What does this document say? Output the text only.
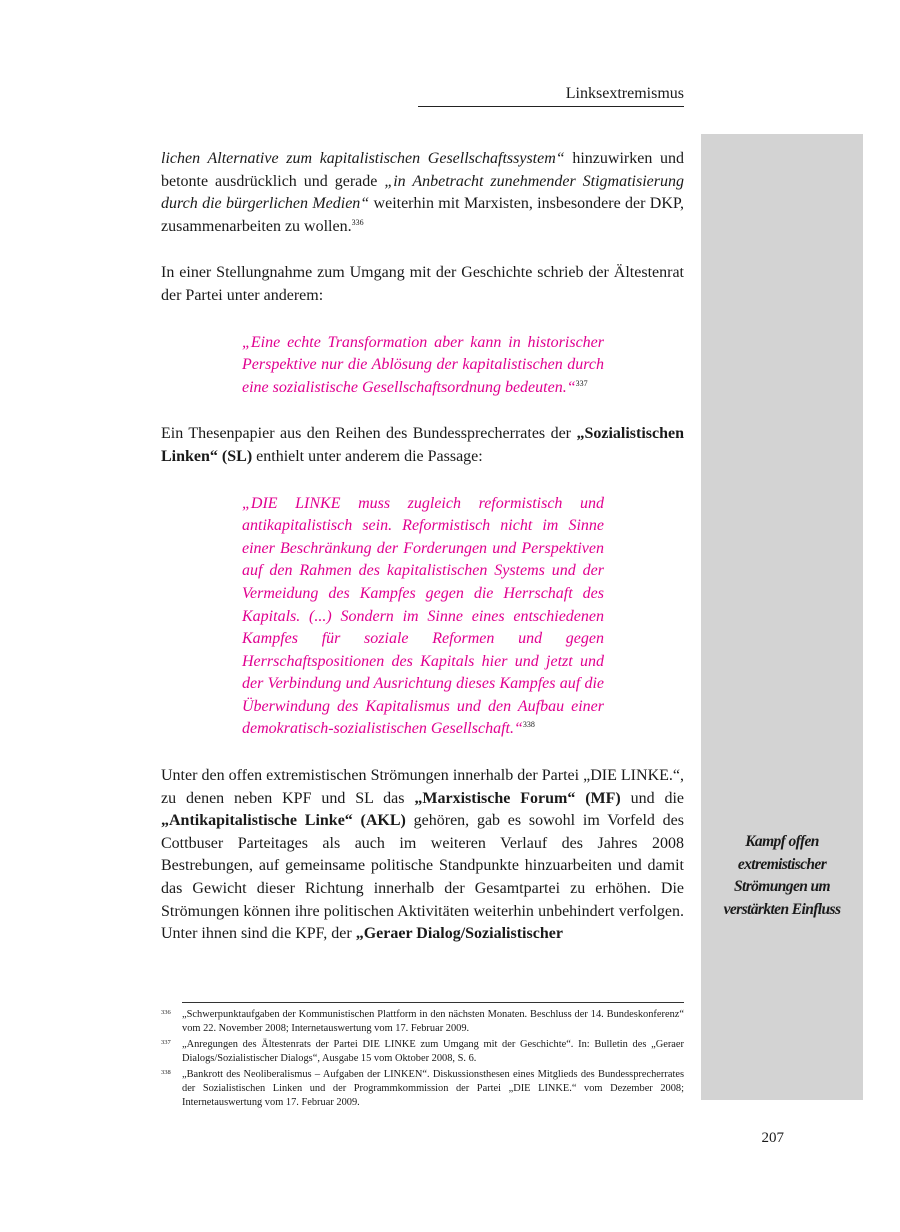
Linksextremismus
Kampf offen extremistischer Strömungen um verstärkten Einfluss

lichen Alternative zum kapitalistischen Gesellschaftssystem“ hinzuwirken und betonte ausdrücklich und gerade „in Anbetracht zunehmender Stigmatisierung durch die bürgerlichen Medien“ weiterhin mit Marxisten, insbesondere der DKP, zusammenarbeiten zu wollen.$^{336}$

In einer Stellungnahme zum Umgang mit der Geschichte schrieb der Ältestenrat der Partei unter anderem:

„Eine echte Transformation aber kann in historischer Perspektive nur die Ablösung der kapitalistischen durch eine sozialistische Gesellschaftsordnung bedeuten.“$^{337}$

Ein Thesenpapier aus den Reihen des Bundessprecherrates der „Sozialistischen Linken“ (SL) enthielt unter anderem die Passage:

„DIE LINKE muss zugleich reformistisch und antikapitalistisch sein. Reformistisch nicht im Sinne einer Beschränkung der Forderungen und Perspektiven auf den Rahmen des kapitalistischen Systems und der Vermeidung des Kampfes gegen die Herrschaft des Kapitals. (...) Sondern im Sinne eines entschiedenen Kampfes für soziale Reformen und gegen Herrschaftspositionen des Kapitals hier und jetzt und der Verbindung und Ausrichtung dieses Kampfes auf die Überwindung des Kapitalismus und den Aufbau einer demokratisch-sozialistischen Gesellschaft.“$^{338}$

Unter den offen extremistischen Strömungen innerhalb der Partei „DIE LINKE.“, zu denen neben KPF und SL das „Marxistische Forum“ (MF) und die „Antikapitalistische Linke“ (AKL) gehören, gab es sowohl im Vorfeld des Cottbuser Parteitages als auch im weiteren Verlauf des Jahres 2008 Bestrebungen, auf gemeinsame politische Standpunkte hinzuarbeiten und damit das Gewicht dieser Richtung innerhalb der Gesamtpartei zu erhöhen. Die Strömungen können ihre politischen Aktivitäten weiterhin unbehindert verfolgen. Unter ihnen sind die KPF, der „Geraer Dialog/Sozialistischer

336 „Schwerpunktaufgaben der Kommunistischen Plattform in den nächsten Monaten. Beschluss der 14. Bundeskonferenz“ vom 22. November 2008; Internetauswertung vom 17. Februar 2009.
337 „Anregungen des Ältestenrats der Partei DIE LINKE zum Umgang mit der Geschichte“. In: Bulletin des „Geraer Dialogs/Sozialistischer Dialogs“, Ausgabe 15 vom Oktober 2008, S. 6.
338 „Bankrott des Neoliberalismus – Aufgaben der LINKEN“. Diskussionsthesen eines Mitglieds des Bundessprecherrates der Sozialistischen Linken und der Programmkommission der Partei „DIE LINKE.“ vom Dezember 2008; Internetauswertung vom 17. Februar 2009.
207
